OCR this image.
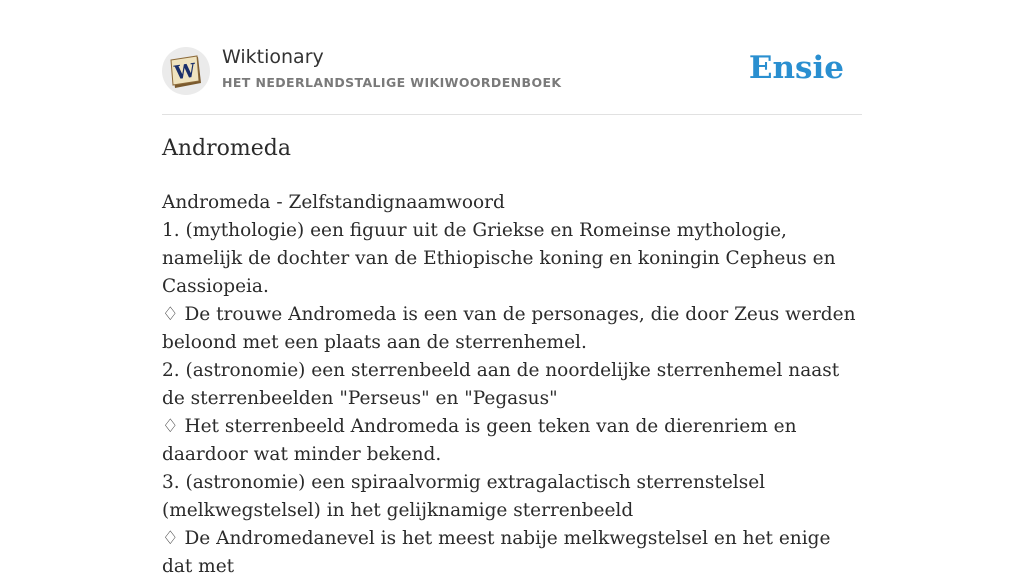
W
Wiktionary
HET NEDERLANDSTALIGE WIKIWOORDENBOEK	Ensie
Andromeda

Andromeda - Zelfstandignaamwoord

1. (mythologie) een figuur uit de Griekse en Romeinse mythologie, namelijk de dochter van de Ethiopische koning en koningin Cepheus en Cassiopeia.

♢ De trouwe Andromeda is een van de personages, die door Zeus werden beloond met een plaats aan de sterrenhemel.

2. (astronomie) een sterrenbeeld aan de noordelijke sterrenhemel naast de sterrenbeelden "Perseus" en "Pegasus"

♢ Het sterrenbeeld Andromeda is geen teken van de dierenriem en daardoor wat minder bekend.

3. (astronomie) een spiraalvormig extragalactisch sterrenstelsel (melkwegstelsel) in het gelijknamige sterrenbeeld

♢ De Andromedanevel is het meest nabije melkwegstelsel en het enige dat met
